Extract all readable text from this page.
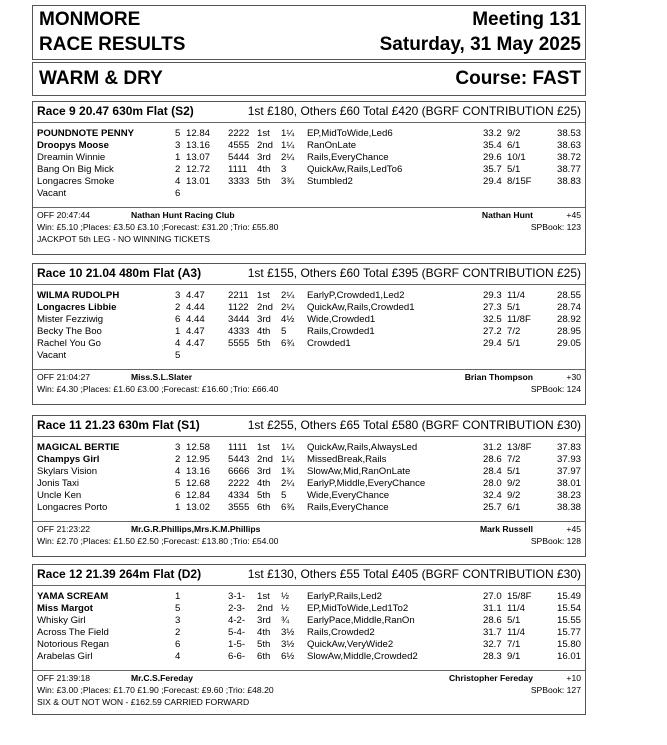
MONMORE	Meeting 131
RACE RESULTS	Saturday, 31 May 2025
WARM & DRY	Course: FAST
Race 9 20.47 630m Flat (S2)	1st £180, Others £60 Total £420 (BGRF CONTRIBUTION £25)
POUNDNOTE PENNY	5 12.84 2222 1st 1¼ EP,MidToWide,Led6	33.2 9/2	38.53
Droopys Moose	3 13.16 4555 2nd 1¼ RanOnLate	35.4 6/1	38.63
Dreamin Winnie	1 13.07 5444 3rd 2¼ Rails,EveryChance	29.6 10/1	38.72
Bang On Big Mick	2 12.72 1111 4th 3 QuickAw,Rails,LedTo6	35.7 5/1	38.77
Longacres Smoke	4 13.01 3333 5th 3¾ Stumbled2	29.4 8/15F	38.83
Vacant	6
OFF 20:47:44	Nathan Hunt Racing Club	Nathan Hunt	+45
Win: £5.10 ;Places: £3.50 £3.10 ;Forecast: £31.20 ;Trio: £55.80	SPBook: 123
JACKPOT 5th LEG - NO WINNING TICKETS
Race 10 21.04 480m Flat (A3)	1st £155, Others £60 Total £395 (BGRF CONTRIBUTION £25)
WILMA RUDOLPH	3 4.47 2211 1st 2¼ EarlyP,Crowded1,Led2	29.3 11/4	28.55
Longacres Libbie	2 4.44 1122 2nd 2¼ QuickAw,Rails,Crowded1	27.3 5/1	28.74
Mister Fezziwig	6 4.44 3444 3rd 4½ Wide,Crowded1	32.5 11/8F	28.92
Becky The Boo	1 4.47 4333 4th 5 Rails,Crowded1	27.2 7/2	28.95
Rachel You Go	4 4.47 5555 5th 6¾ Crowded1	29.4 5/1	29.05
Vacant	5
OFF 21:04:27	Miss.S.L.Slater	Brian Thompson	+30
Win: £4.30 ;Places: £1.60 £3.00 ;Forecast: £16.60 ;Trio: £66.40	SPBook: 124
Race 11 21.23 630m Flat (S1)	1st £255, Others £65 Total £580 (BGRF CONTRIBUTION £30)
MAGICAL BERTIE	3 12.58 1111 1st 1¼ QuickAw,Rails,AlwaysLed	31.2 13/8F	37.83
Champys Girl	2 12.95 5443 2nd 1¼ MissedBreak,Rails	28.6 7/2	37.93
Skylars Vision	4 13.16 6666 3rd 1¾ SlowAw,Mid,RanOnLate	28.4 5/1	37.97
Jonis Taxi	5 12.68 2222 4th 2¼ EarlyP,Middle,EveryChance	28.0 9/2	38.01
Uncle Ken	6 12.84 4334 5th 5 Wide,EveryChance	32.4 9/2	38.23
Longacres Porto	1 13.02 3555 6th 6¾ Rails,EveryChance	25.7 6/1	38.38
OFF 21:23:22	Mr.G.R.Phillips,Mrs.K.M.Phillips	Mark Russell	+45
Win: £2.70 ;Places: £1.50 £2.50 ;Forecast: £13.80 ;Trio: £54.00	SPBook: 128
Race 12 21.39 264m Flat (D2)	1st £130, Others £55 Total £405 (BGRF CONTRIBUTION £30)
YAMA SCREAM	1	3-1- 1st ½ EarlyP,Rails,Led2	27.0 15/8F	15.49
Miss Margot	5	2-3- 2nd ½ EP,MidToWide,Led1To2	31.1 11/4	15.54
Whisky Girl	3	4-2- 3rd ¾ EarlyPace,Middle,RanOn	28.6 5/1	15.55
Across The Field	2	5-4- 4th 3½ Rails,Crowded2	31.7 11/4	15.77
Notorious Regan	6	1-5- 5th 3½ QuickAw,VeryWide2	32.7 7/1	15.80
Arabelas Girl	4	6-6- 6th 6½ SlowAw,Middle,Crowded2	28.3 9/1	16.01
OFF 21:39:18	Mr.C.S.Fereday	Christopher Fereday	+10
Win: £3.00 ;Places: £1.70 £1.90 ;Forecast: £9.60 ;Trio: £48.20	SPBook: 127
SIX & OUT NOT WON - £162.59 CARRIED FORWARD
